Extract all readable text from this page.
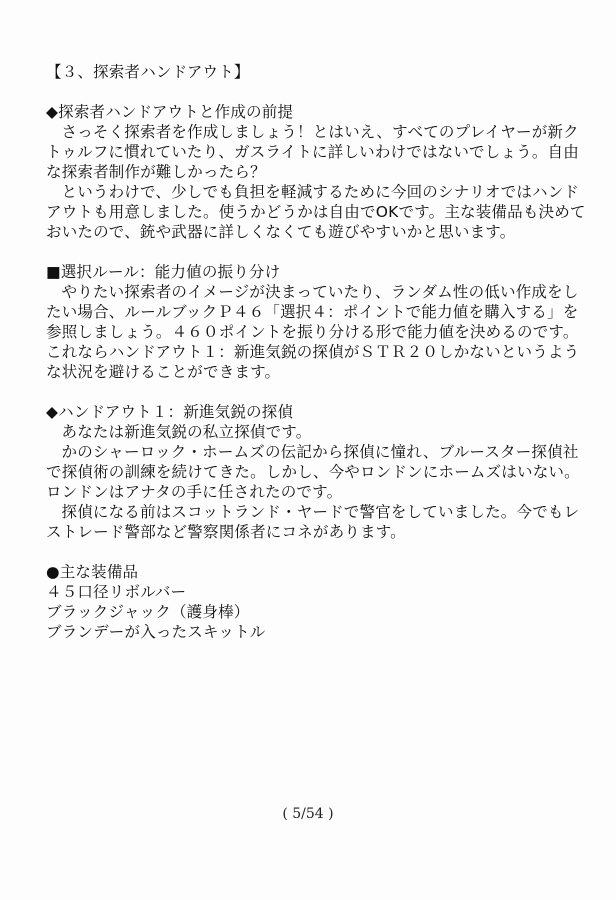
【３、探索者ハンドアウト】

◆探索者ハンドアウトと作成の前提

さっそく探索者を作成しましょう！とはいえ、すべてのプレイヤーが新クトゥルフに慣れていたり、ガスライトに詳しいわけではないでしょう。自由な探索者制作が難しかったら？

というわけで、少しでも負担を軽減するために今回のシナリオではハンドアウトも用意しました。使うかどうかは自由でOKです。主な装備品も決めておいたので、銃や武器に詳しくなくても遊びやすいかと思います。

■選択ルール：能力値の振り分け

やりたい探索者のイメージが決まっていたり、ランダム性の低い作成をしたい場合、ルールブックＰ４６「選択４：ポイントで能力値を購入する」を参照しましょう。４６０ポイントを振り分ける形で能力値を決めるのです。これならハンドアウト１：新進気鋭の探偵がＳＴＲ２０しかないというような状況を避けることができます。

◆ハンドアウト１：新進気鋭の探偵

あなたは新進気鋭の私立探偵です。

かのシャーロック・ホームズの伝記から探偵に憧れ、ブルースター探偵社で探偵術の訓練を続けてきた。しかし、今やロンドンにホームズはいない。ロンドンはアナタの手に任されたのです。

探偵になる前はスコットランド・ヤードで警官をしていました。今でもレストレード警部など警察関係者にコネがあります。

●主な装備品

４５口径リボルバー

ブラックジャック（護身棒）

ブランデーが入ったスキットル

( 5/54 )
